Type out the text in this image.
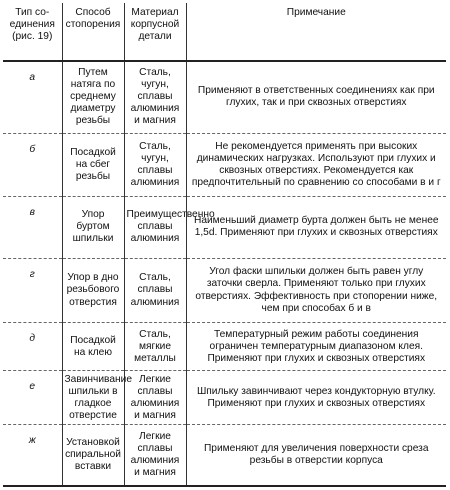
Тип со-единения (рис. 19)	Способ стопорения	Материал корпусной детали	Примечание
а	Путем натяга по среднему диаметру резьбы	Сталь, чугун, сплавы алюминия и магния	Применяют в ответственных соединениях как при глухих, так и при сквозных отверстиях
б	Посадкой на сбег резьбы	Сталь, чугун, сплавы алюминия	Не рекомендуется применять при высоких динамических нагрузках. Используют при глухих и сквозных отверстиях. Рекомендуется как предпочтительный по сравнению со способами в и г
в	Упор буртом шпильки	Преимущественно сплавы алюминия	Наименьший диаметр бурта должен быть не менее 1,5d. Применяют при глухих и сквозных отверстиях
г	Упор в дно резьбового отверстия	Сталь, сплавы алюминия	Угол фаски шпильки должен быть равен углу заточки сверла. Применяют только при глухих отверстиях. Эффективность при стопорении ниже, чем при способах б и в
д	Посадкой на клею	Сталь, мягкие металлы	Температурный режим работы соединения ограничен температурным диапазоном клея. Применяют при глухих и сквозных отверстиях
е	Завинчивание шпильки в гладкое отверстие	Легкие сплавы алюминия и магния	Шпильку завинчивают через кондукторную втулку. Применяют при глухих и сквозных отверстиях
ж	Установкой спиральной вставки	Легкие сплавы алюминия и магния	Применяют для увеличения поверхности среза резьбы в отверстии корпуса
